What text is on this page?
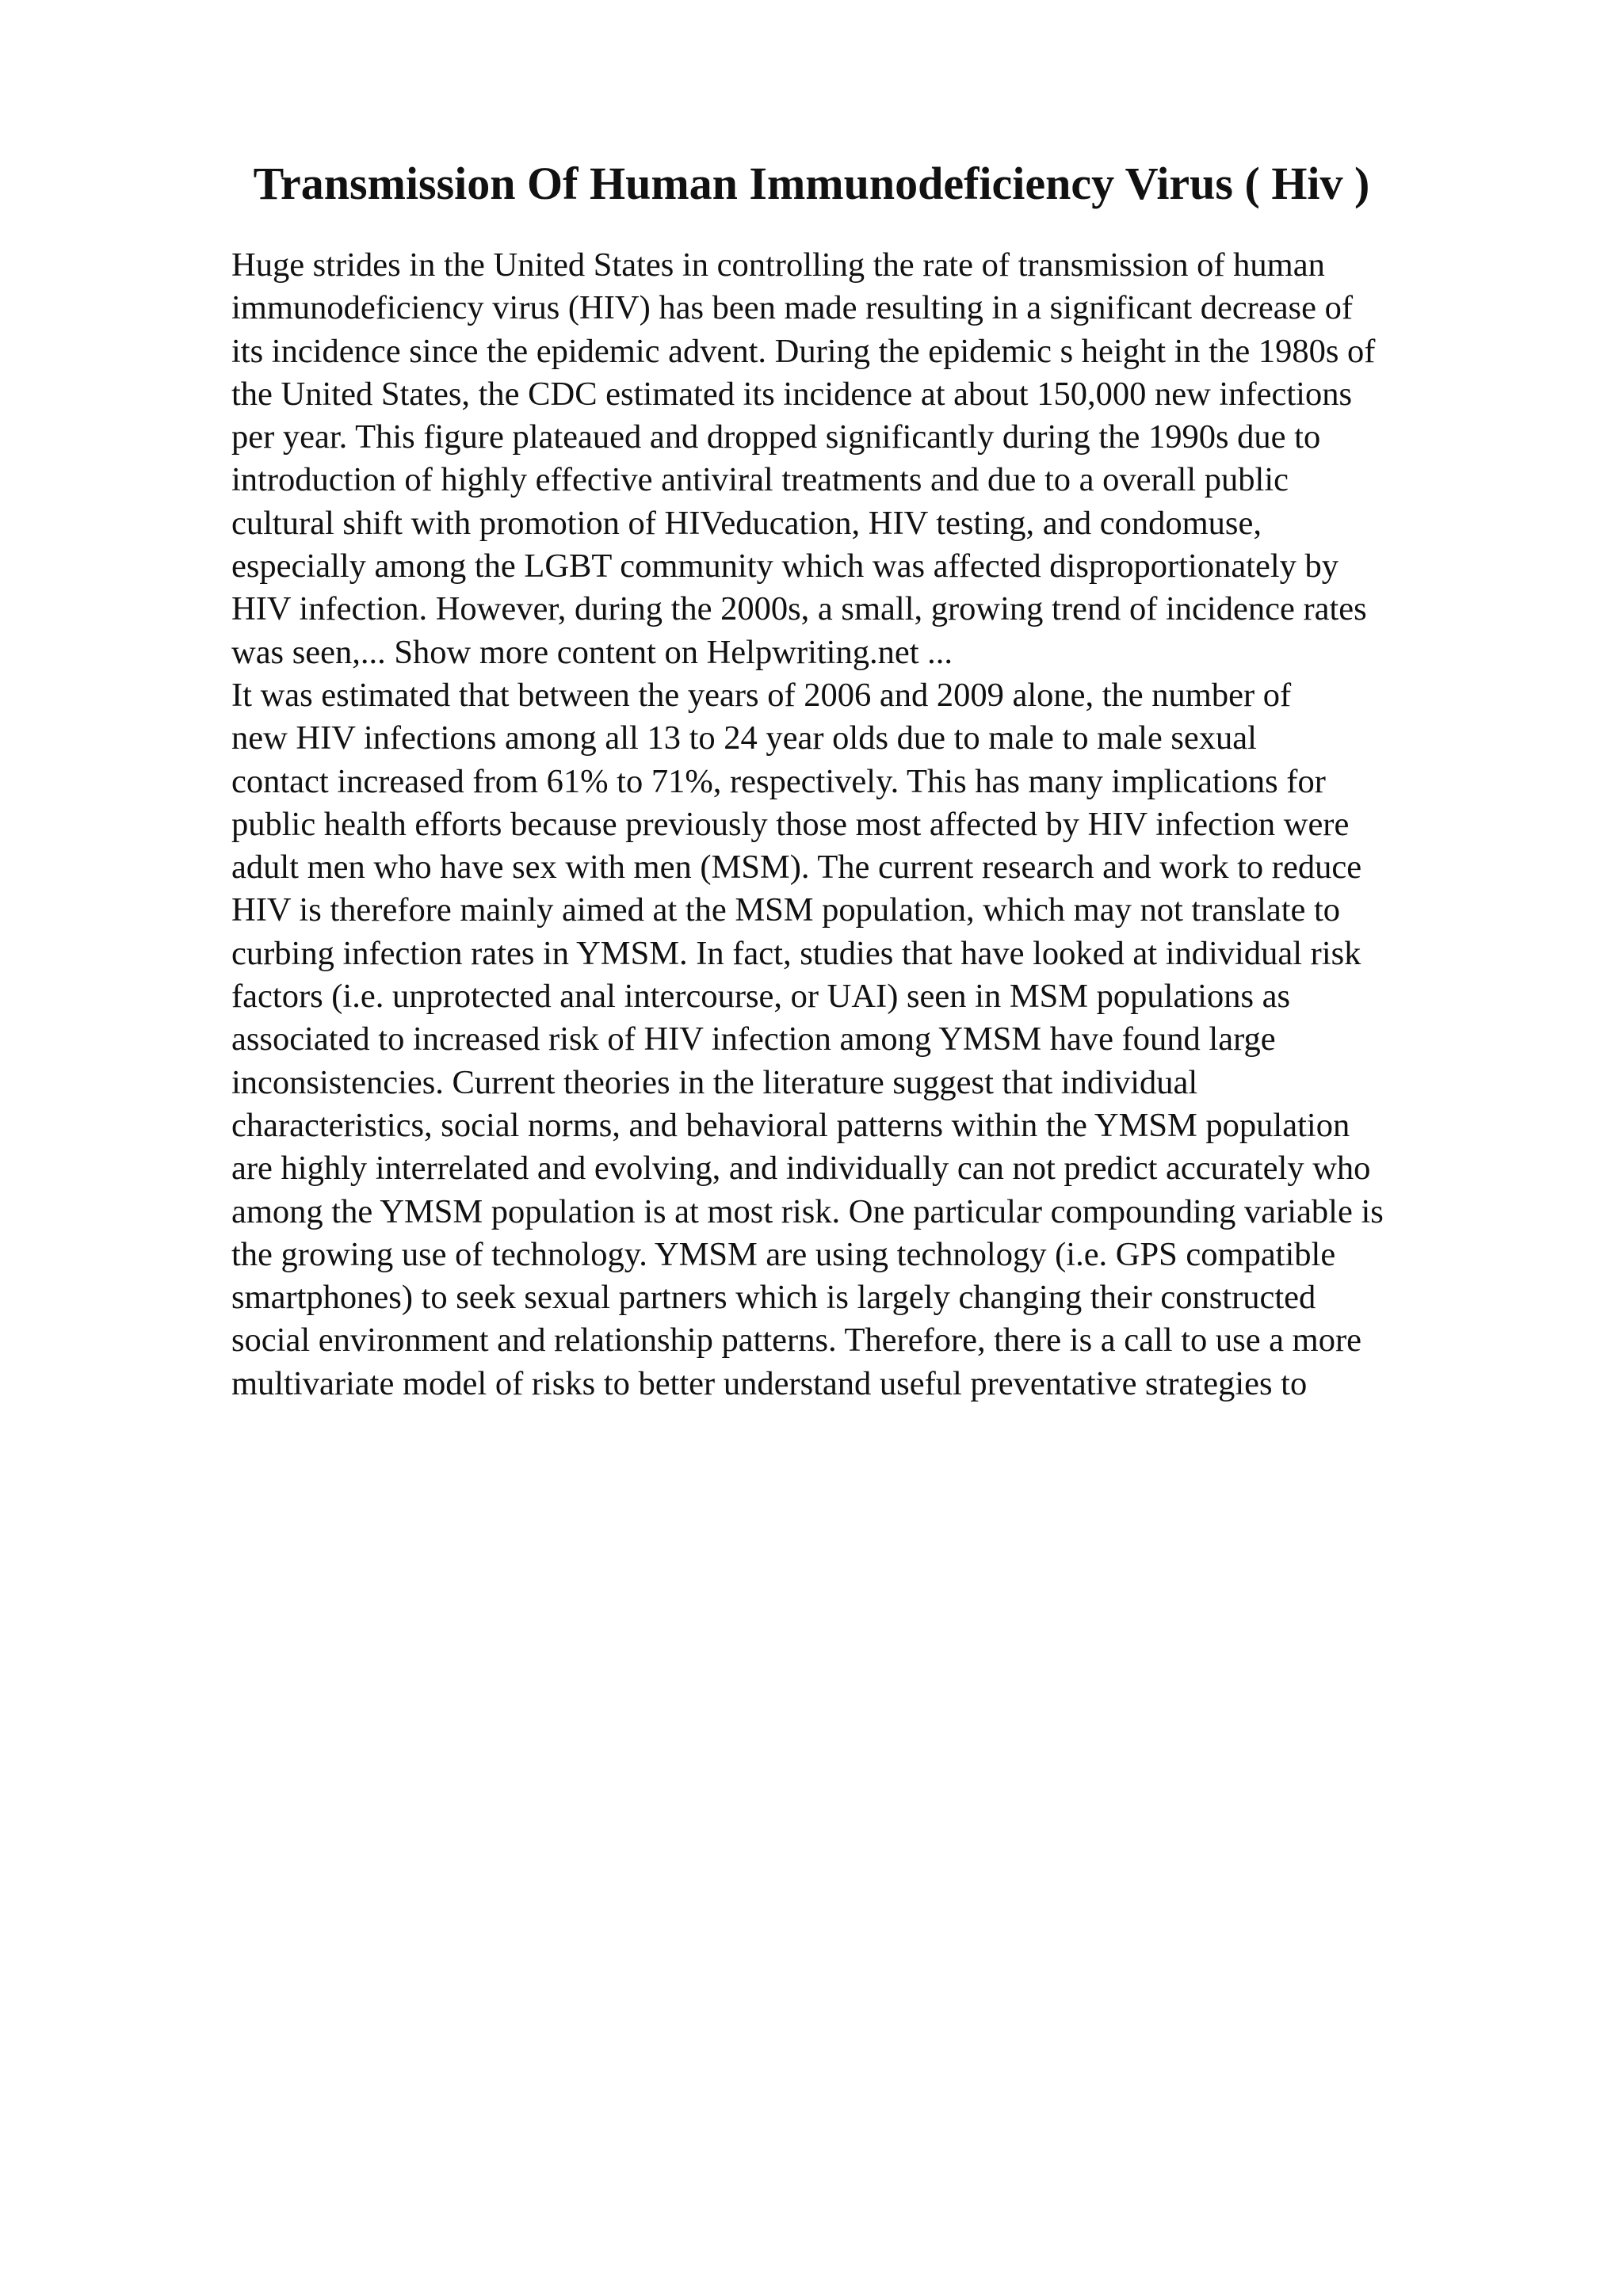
Transmission Of Human Immunodeficiency Virus ( Hiv )
Huge strides in the United States in controlling the rate of transmission of human
immunodeficiency virus (HIV) has been made resulting in a significant decrease of
its incidence since the epidemic advent. During the epidemic s height in the 1980s of
the United States, the CDC estimated its incidence at about 150,000 new infections
per year. This figure plateaued and dropped significantly during the 1990s due to
introduction of highly effective antiviral treatments and due to a overall public
cultural shift with promotion of HIVeducation, HIV testing, and condomuse,
especially among the LGBT community which was affected disproportionately by
HIV infection. However, during the 2000s, a small, growing trend of incidence rates
was seen,... Show more content on Helpwriting.net ...
It was estimated that between the years of 2006 and 2009 alone, the number of
new HIV infections among all 13 to 24 year olds due to male to male sexual
contact increased from 61% to 71%, respectively. This has many implications for
public health efforts because previously those most affected by HIV infection were
adult men who have sex with men (MSM). The current research and work to reduce
HIV is therefore mainly aimed at the MSM population, which may not translate to
curbing infection rates in YMSM. In fact, studies that have looked at individual risk
factors (i.e. unprotected anal intercourse, or UAI) seen in MSM populations as
associated to increased risk of HIV infection among YMSM have found large
inconsistencies. Current theories in the literature suggest that individual
characteristics, social norms, and behavioral patterns within the YMSM population
are highly interrelated and evolving, and individually can not predict accurately who
among the YMSM population is at most risk. One particular compounding variable is
the growing use of technology. YMSM are using technology (i.e. GPS compatible
smartphones) to seek sexual partners which is largely changing their constructed
social environment and relationship patterns. Therefore, there is a call to use a more
multivariate model of risks to better understand useful preventative strategies to
